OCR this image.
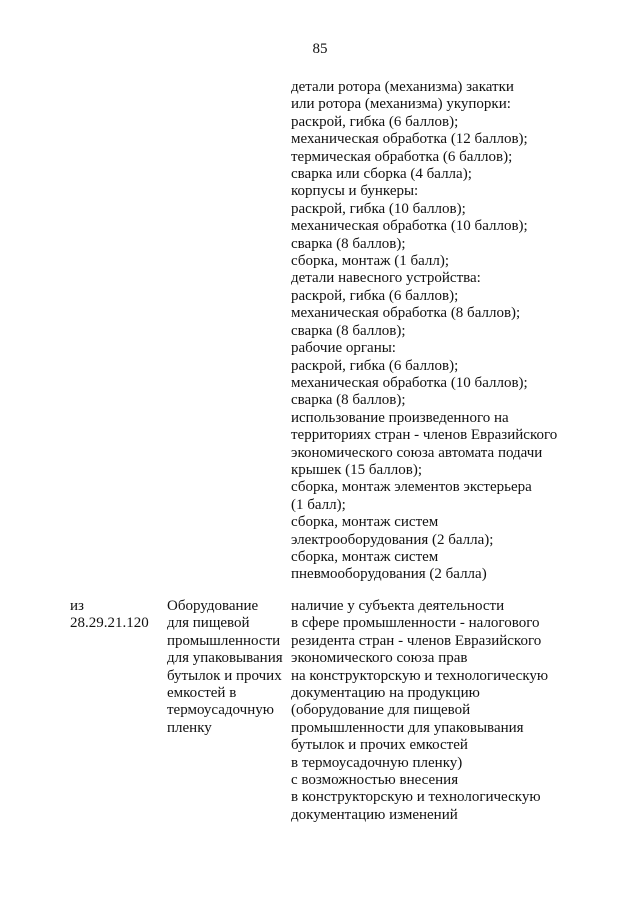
85
детали ротора (механизма) закатки
или ротора (механизма) укупорки:
раскрой, гибка (6 баллов);
механическая обработка (12 баллов);
термическая обработка (6 баллов);
сварка или сборка (4 балла);
корпусы и бункеры:
раскрой, гибка (10 баллов);
механическая обработка (10 баллов);
сварка (8 баллов);
сборка, монтаж (1 балл);
детали навесного устройства:
раскрой, гибка (6 баллов);
механическая обработка (8 баллов);
сварка (8 баллов);
рабочие органы:
раскрой, гибка (6 баллов);
механическая обработка (10 баллов);
сварка (8 баллов);
использование произведенного на
территориях стран - членов Евразийского
экономического союза автомата подачи
крышек (15 баллов);
сборка, монтаж элементов экстерьера
(1 балл);
сборка, монтаж систем
электрооборудования (2 балла);
сборка, монтаж систем
пневмооборудования (2 балла)
из
28.29.21.120
Оборудование
для пищевой
промышленности
для упаковывания
бутылок и прочих
емкостей в
термоусадочную
пленку
наличие у субъекта деятельности
в сфере промышленности - налогового
резидента стран - членов Евразийского
экономического союза прав
на конструкторскую и технологическую
документацию на продукцию
(оборудование для пищевой
промышленности для упаковывания
бутылок и прочих емкостей
в термоусадочную пленку)
с возможностью внесения
в конструкторскую и технологическую
документацию изменений
